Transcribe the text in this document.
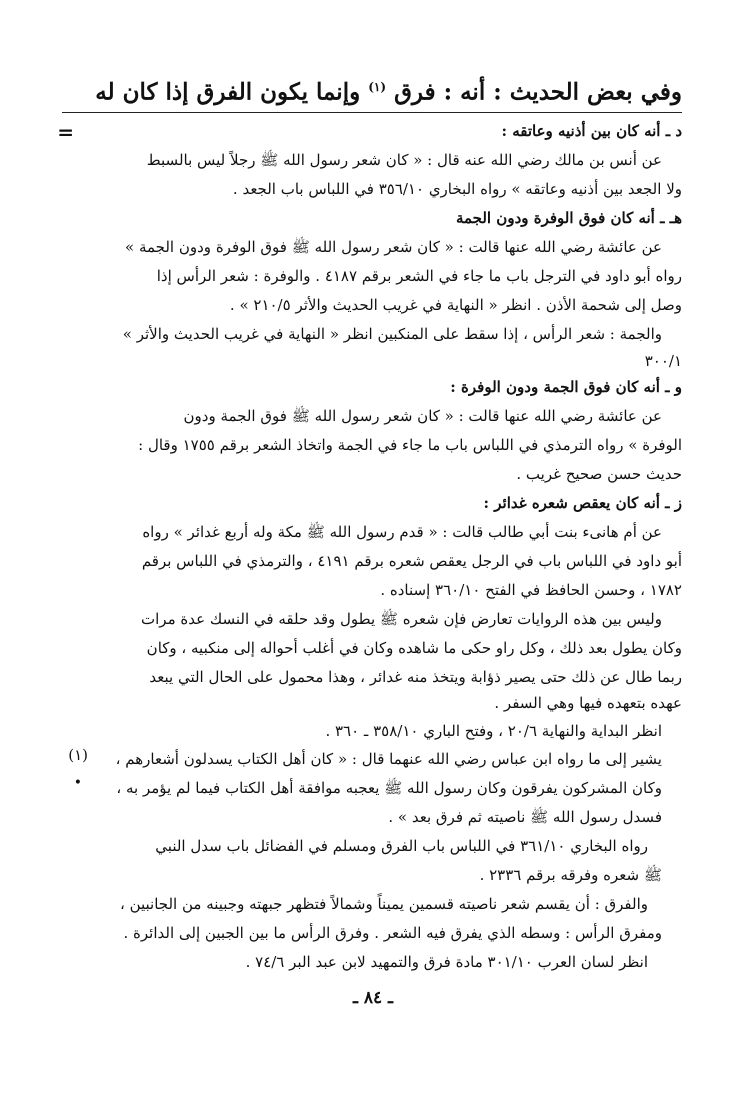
وفي بعض الحديث : أنه : فرق $^{(١)}$ وإنما يكون الفرق إذا كان له
=	د ـ أنه كان بين أذنيه وعاتقه :
عن أنس بن مالك رضي الله عنه قال : « كان شعر رسول الله ﷺ رجلاً ليس بالسبط
ولا الجعد بين أذنيه وعاتقه » رواه البخاري ٣٥٦/١٠ في اللباس باب الجعد .
هـ ـ أنه كان فوق الوفرة ودون الجمة
عن عائشة رضي الله عنها قالت : « كان شعر رسول الله ﷺ فوق الوفرة ودون الجمة »
رواه أبو داود في الترجل باب ما جاء في الشعر برقم ٤١٨٧ . والوفرة : شعر الرأس إذا
وصل إلى شحمة الأذن . انظر « النهاية في غريب الحديث والأثر ٢١٠/٥ » .
والجمة : شعر الرأس ، إذا سقط على المنكبين انظر « النهاية في غريب الحديث والأثر »
٣٠٠/١
و ـ أنه كان فوق الجمة ودون الوفرة :
عن عائشة رضي الله عنها قالت : « كان شعر رسول الله ﷺ فوق الجمة ودون
الوفرة » رواه الترمذي في اللباس باب ما جاء في الجمة واتخاذ الشعر برقم ١٧٥٥ وقال :
حديث حسن صحيح غريب .
ز ـ أنه كان يعقص شعره غدائر :
عن أم هانىء بنت أبي طالب قالت : « قدم رسول الله ﷺ مكة وله أربع غدائر » رواه
أبو داود في اللباس باب في الرجل يعقص شعره برقم ٤١٩١ ، والترمذي في اللباس برقم
١٧٨٢ ، وحسن الحافظ في الفتح ٣٦٠/١٠ إسناده .
وليس بين هذه الروايات تعارض فإن شعره ﷺ يطول وقد حلقه في النسك عدة مرات
وكان يطول بعد ذلك ، وكل راو حكى ما شاهده وكان في أغلب أحواله إلى منكبيه ، وكان
ربما طال عن ذلك حتى يصير ذؤابة ويتخذ منه غدائر ، وهذا محمول على الحال التي يبعد
عهده بتعهده فيها وهي السفر .
انظر البداية والنهاية ٢٠/٦ ، وفتح الباري ٣٥٨/١٠ ـ ٣٦٠ .
(١)	يشير إلى ما رواه ابن عباس رضي الله عنهما قال : « كان أهل الكتاب يسدلون أشعارهم ،
•	وكان المشركون يفرقون وكان رسول الله ﷺ يعجبه موافقة أهل الكتاب فيما لم يؤمر به ،
فسدل رسول الله ﷺ ناصيته ثم فرق بعد » .
رواه البخاري ٣٦١/١٠ في اللباس باب الفرق ومسلم في الفضائل باب سدل النبي
ﷺ شعره وفرقه برقم ٢٣٣٦ .
والفرق : أن يقسم شعر ناصيته قسمين يميناً وشمالاً فتظهر جبهته وجبينه من الجانبين ،
ومفرق الرأس : وسطه الذي يفرق فيه الشعر . وفرق الرأس ما بين الجبين إلى الدائرة .
انظر لسان العرب ٣٠١/١٠ مادة فرق والتمهيد لابن عبد البر ٧٤/٦ .
ـ ٨٤ ـ
